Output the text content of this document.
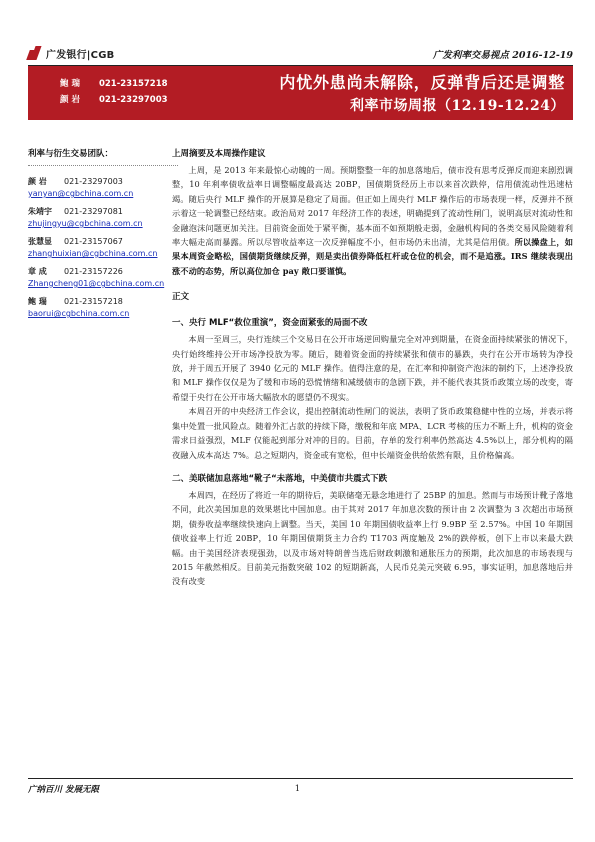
广发银行|CGB	广发利率交易视点 2016-12-19
鲍 瑞 021-23157218
颜 岩 021-23297003
内忧外患尚未解除，反弹背后还是调整
利率市场周报（12.19-12.24）
利率与衍生交易团队：
颜 岩 021-23297003
yanyan@cgbchina.com.cn
朱靖宇 021-23297081
zhujingyu@cgbchina.com.cn
张慧显 021-23157067
zhanghuixian@cgbchina.com.cn
章 成 021-23157226
Zhangcheng01@cgbchina.com.cn
鲍 瑞 021-23157218
baorui@cgbchina.com.cn
上周摘要及本周操作建议

上周，是 2013 年来最惊心动魄的一周。预期整整一年的加息落地后，债市没有思考反弹反而迎来剧烈调整，10 年利率债收益率日调整幅度最高达 20BP，国债期货经历上市以来首次跌停，信用债流动性迅速枯竭。随后央行 MLF 操作的开展算是稳定了局面。但正如上周央行 MLF 操作后的市场表现一样，反弹并不预示着这一轮调整已经结束。政治局对 2017 年经济工作的表述，明确提到了流动性闸门，说明高层对流动性和金融泡沫问题更加关注。目前资金面处于紧平衡，基本面不如预期般走弱，金融机构间的各类交易风险随着利率大幅走高而暴露。所以尽管收益率这一次反弹幅度不小，但市场仍未出清，尤其是信用债。所以操盘上，如果本周资金略松，国债期货继续反弹，则是卖出债券降低杠杆或仓位的机会，而不是追涨。IRS 继续表现出涨不动的态势，所以高位加仓 pay 敞口要谨慎。

正文
一、央行 MLF“救位重演”，资金面紧张的局面不改

本周一至周三，央行连续三个交易日在公开市场逆回购量完全对冲到期量，在资金面持续紧张的情况下，央行始终维持公开市场净投放为零。随后，随着资金面的持续紧张和债市的暴跌，央行在公开市场转为净投放，并于周五开展了 3940 亿元的 MLF 操作。值得注意的是，在汇率和抑制资产泡沫的制约下，上述净投放和 MLF 操作仅仅是为了缓和市场的恐慌情绪和减缓债市的急剧下跌，并不能代表其货币政策立场的改变，寄希望于央行在公开市场大幅放水的愿望仍不现实。

本周召开的中央经济工作会议，提出控制流动性闸门的说法，表明了货币政策稳健中性的立场，并表示将集中处置一批风险点。随着外汇占款的持续下降，缴税和年底 MPA、LCR 考核的压力不断上升，机构的资金需求日益强烈，MLF 仅能起到部分对冲的目的。目前，存单的发行利率仍然高达 4.5%以上，部分机构的隔夜融入成本高达 7%。总之短期内，资金或有宽松，但中长端资金供给依然有限，且价格偏高。

二、美联储加息落地“靴子“未落地，中美债市共震式下跌

本周四，在经历了将近一年的期待后，美联储毫无悬念地进行了 25BP 的加息。然而与市场预计靴子落地不同，此次美国加息的效果堪比中国加息。由于其对 2017 年加息次数的预计由 2 次调整为 3 次超出市场预期，债券收益率继续快速向上调整。当天，美国 10 年期国债收益率上行 9.9BP 至 2.57%。中国 10 年期国债收益率上行近 20BP，10 年期国债期货主力合约 T1703 两度触及 2%的跌停板，创下上市以来最大跌幅。由于美国经济表现强劲，以及市场对特朗普当选后财政刺激和通胀压力的预期，此次加息的市场表现与 2015 年截然相反。目前美元指数突破 102 的短期新高，人民币兑美元突破 6.95，事实证明，加息落地后并没有改变

广纳百川 发展无限	1
